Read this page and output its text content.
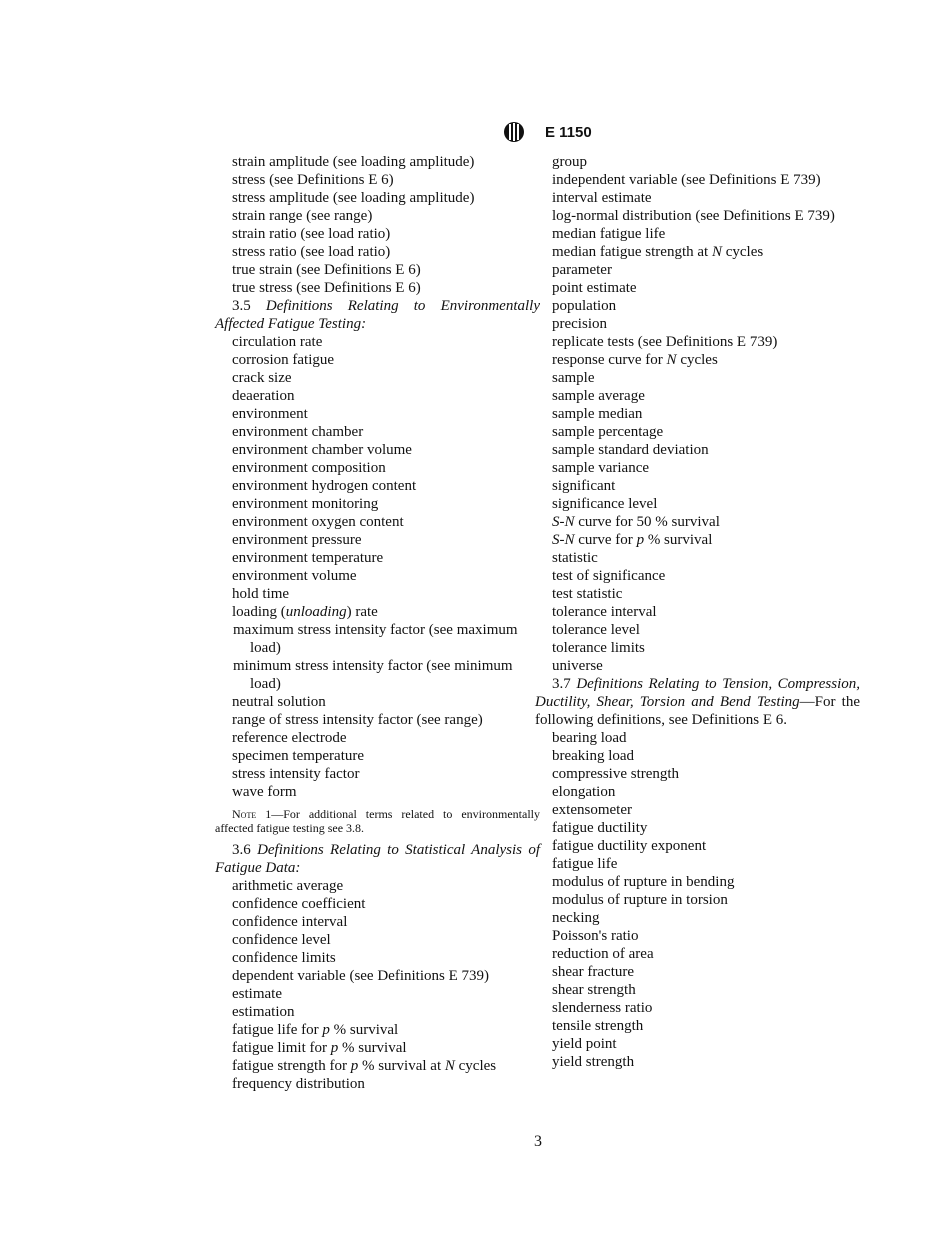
E 1150
strain amplitude (see loading amplitude)
stress (see Definitions E 6)
stress amplitude (see loading amplitude)
strain range (see range)
strain ratio (see load ratio)
stress ratio (see load ratio)
true strain (see Definitions E 6)
true stress (see Definitions E 6)
3.5 Definitions Relating to Environmentally Affected Fatigue Testing:
circulation rate
corrosion fatigue
crack size
deaeration
environment
environment chamber
environment chamber volume
environment composition
environment hydrogen content
environment monitoring
environment oxygen content
environment pressure
environment temperature
environment volume
hold time
loading (unloading) rate
maximum stress intensity factor (see maximum load)
minimum stress intensity factor (see minimum load)
neutral solution
range of stress intensity factor (see range)
reference electrode
specimen temperature
stress intensity factor
wave form
Note 1—For additional terms related to environmentally affected fatigue testing see 3.8.
3.6 Definitions Relating to Statistical Analysis of Fatigue Data:
arithmetic average
confidence coefficient
confidence interval
confidence level
confidence limits
dependent variable (see Definitions E 739)
estimate
estimation
fatigue life for p % survival
fatigue limit for p % survival
fatigue strength for p % survival at N cycles
frequency distribution
group
independent variable (see Definitions E 739)
interval estimate
log-normal distribution (see Definitions E 739)
median fatigue life
median fatigue strength at N cycles
parameter
point estimate
population
precision
replicate tests (see Definitions E 739)
response curve for N cycles
sample
sample average
sample median
sample percentage
sample standard deviation
sample variance
significant
significance level
S-N curve for 50 % survival
S-N curve for p % survival
statistic
test of significance
test statistic
tolerance interval
tolerance level
tolerance limits
universe
3.7 Definitions Relating to Tension, Compression, Ductility, Shear, Torsion and Bend Testing—For the following definitions, see Definitions E 6.
bearing load
breaking load
compressive strength
elongation
extensometer
fatigue ductility
fatigue ductility exponent
fatigue life
modulus of rupture in bending
modulus of rupture in torsion
necking
Poisson's ratio
reduction of area
shear fracture
shear strength
slenderness ratio
tensile strength
yield point
yield strength
3
